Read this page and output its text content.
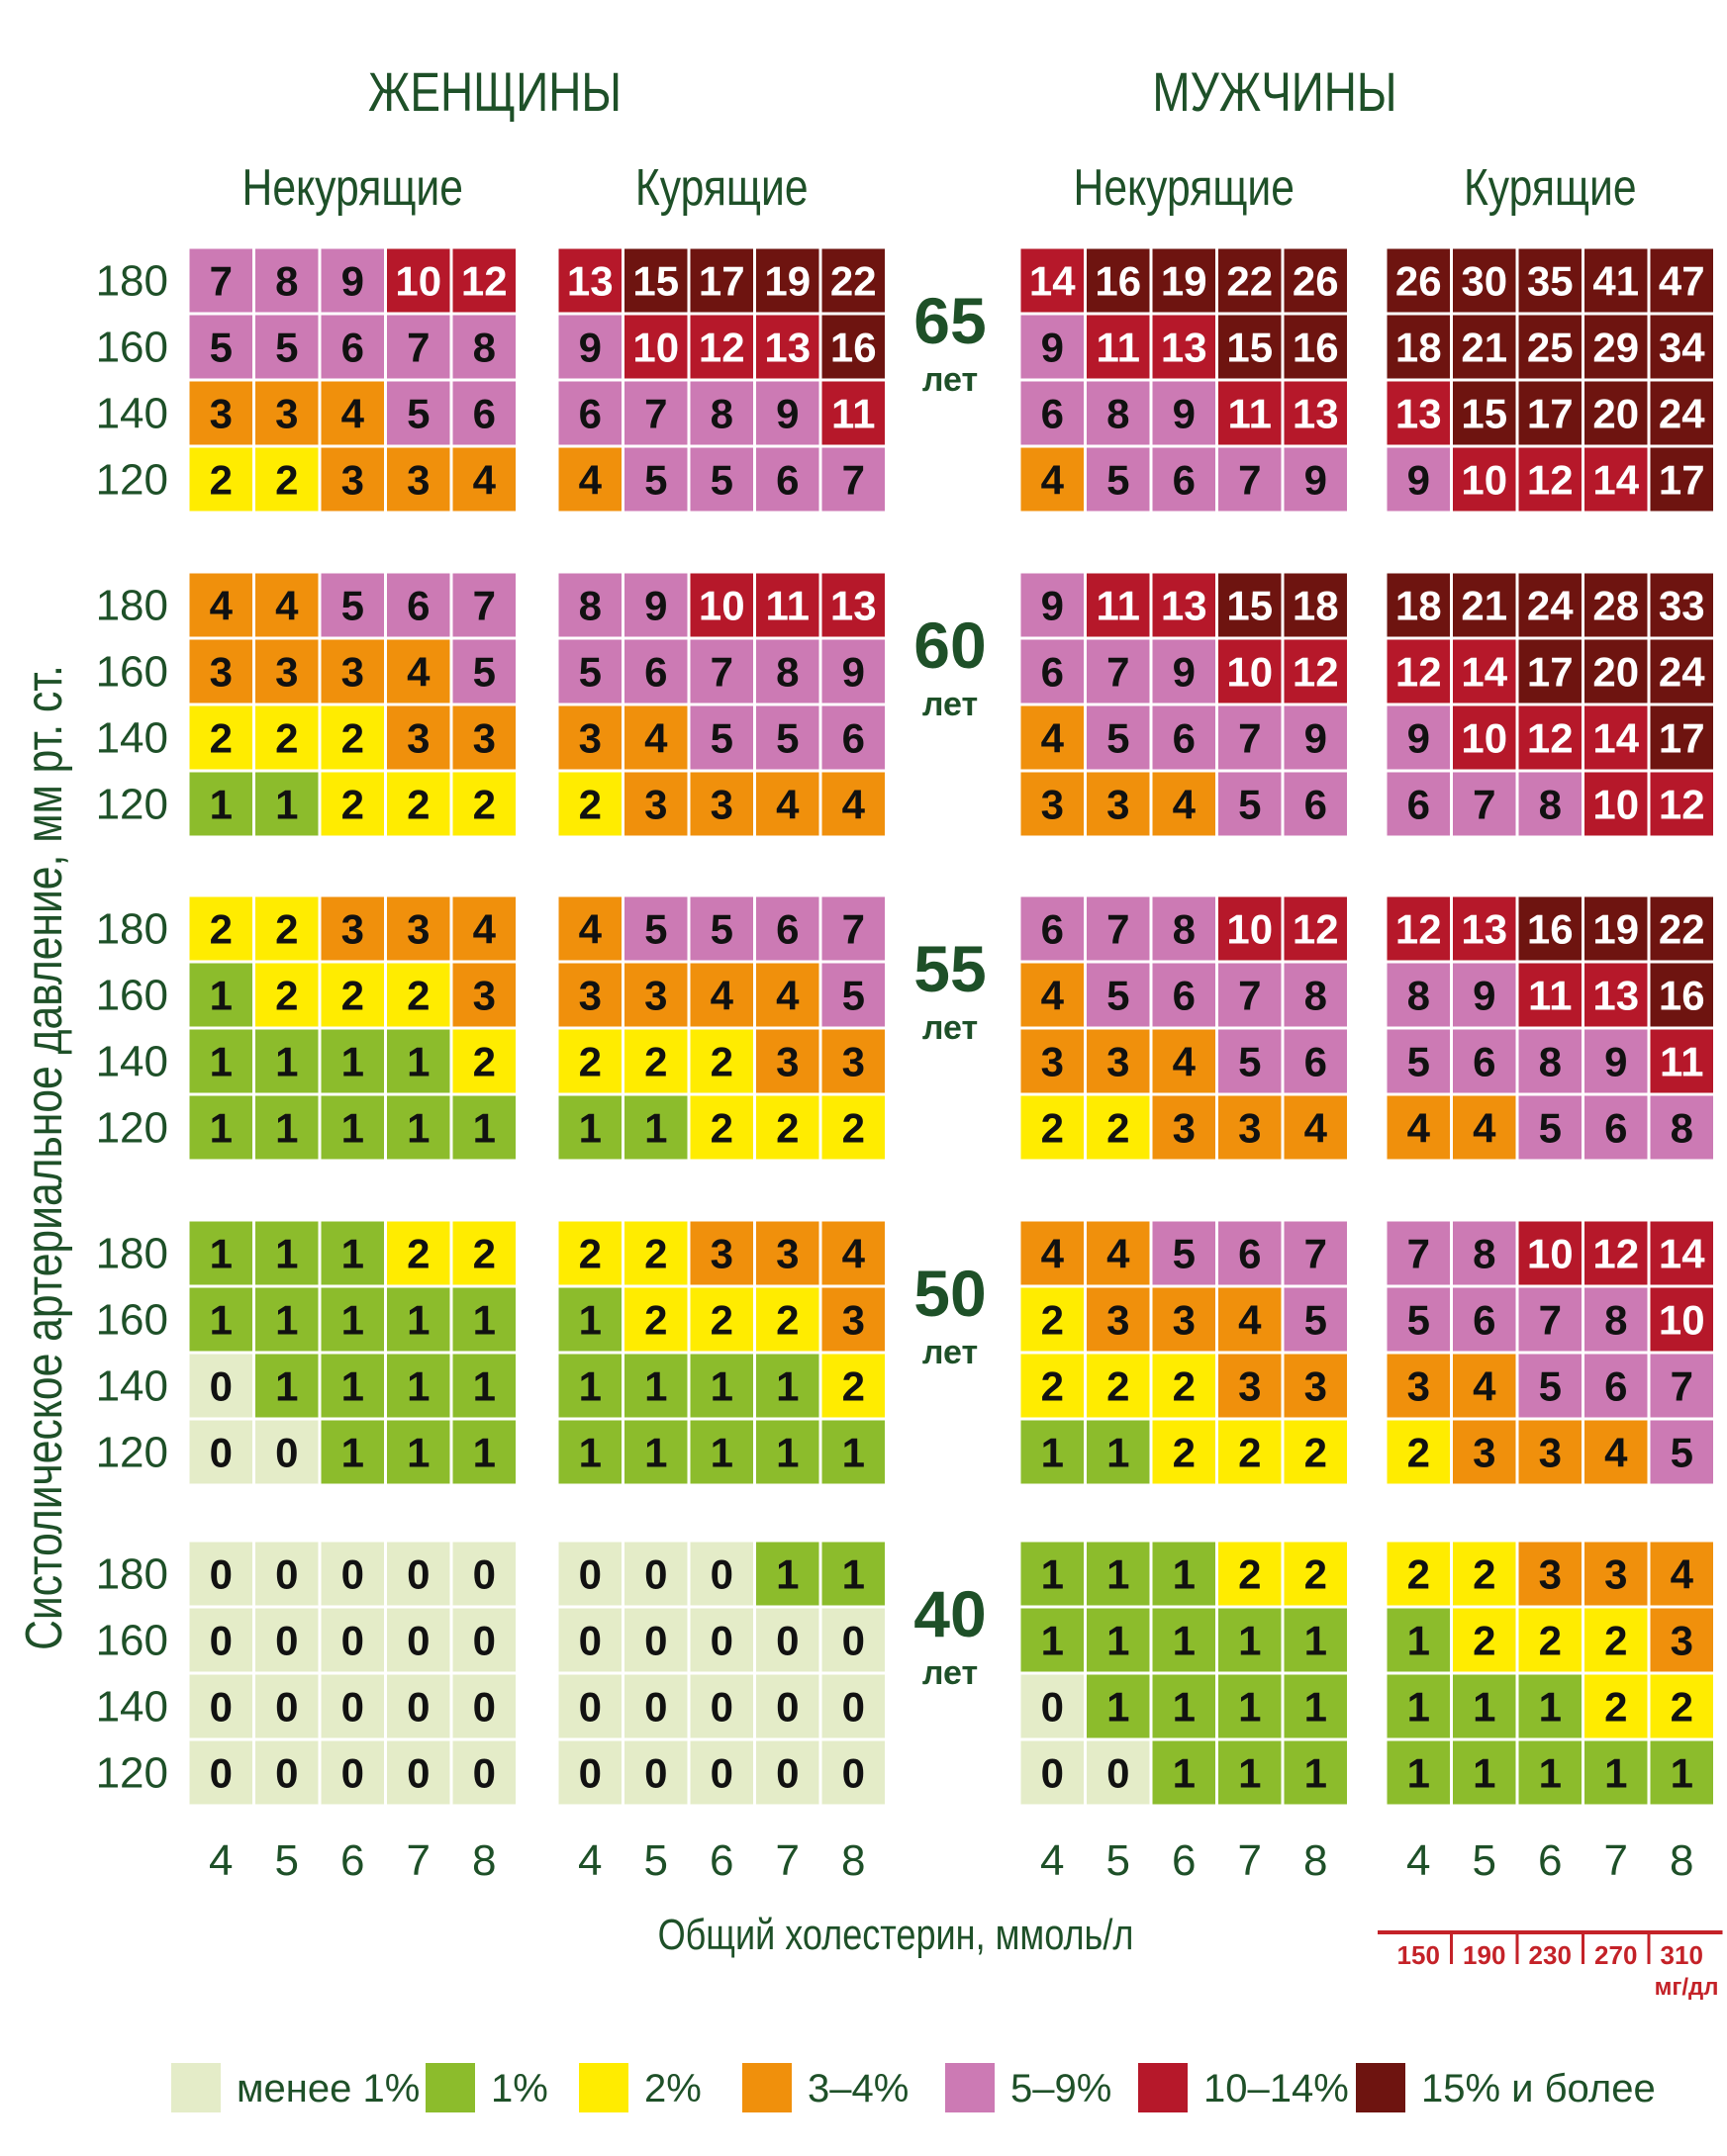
ЖЕНЩИНЫ	МУЖЧИНЫ
Некурящие	Курящие	Некурящие	Курящие
Систолическое артериальное давление, мм рт. ст.
180
160
140
120
65
лет
7 8 9 10 12
5 5 6 7 8
3 3 4 5 6
2 2 3 3 4
13 15 17 19 22
9 10 12 13 16
6 7 8 9 11
4 5 5 6 7
14 16 19 22 26
9 11 13 15 16
6 8 9 11 13
4 5 6 7 9
26 30 35 41 47
18 21 25 29 34
13 15 17 20 24
9 10 12 14 17
180
160
140
120
60
лет
4 4 5 6 7
3 3 3 4 5
2 2 2 3 3
1 1 2 2 2
8 9 10 11 13
5 6 7 8 9
3 4 5 5 6
2 3 3 4 4
9 11 13 15 18
6 7 9 10 12
4 5 6 7 9
3 3 4 5 6
18 21 24 28 33
12 14 17 20 24
9 10 12 14 17
6 7 8 10 12
180
160
140
120
55
лет
2 2 3 3 4
1 2 2 2 3
1 1 1 1 2
1 1 1 1 1
4 5 5 6 7
3 3 4 4 5
2 2 2 3 3
1 1 2 2 2
6 7 8 10 12
4 5 6 7 8
3 3 4 5 6
2 2 3 3 4
12 13 16 19 22
8 9 11 13 16
5 6 8 9 11
4 4 5 6 8
180
160
140
120
50
лет
1 1 1 2 2
1 1 1 1 1
0 1 1 1 1
0 0 1 1 1
2 2 3 3 4
1 2 2 2 3
1 1 1 1 2
1 1 1 1 1
4 4 5 6 7
2 3 3 4 5
2 2 2 3 3
1 1 2 2 2
7 8 10 12 14
5 6 7 8 10
3 4 5 6 7
2 3 3 4 5
180
160
140
120
40
лет
0 0 0 0 0
0 0 0 0 0
0 0 0 0 0
0 0 0 0 0
0 0 0 1 1
0 0 0 0 0
0 0 0 0 0
0 0 0 0 0
1 1 1 2 2
1 1 1 1 1
0 1 1 1 1
0 0 1 1 1
2 2 3 3 4
1 2 2 2 3
1 1 1 2 2
1 1 1 1 1
4 5 6 7 8 4 5 6 7 8	4 5 6 7 8 4 5 6 7 8
Общий холестерин, ммоль/л	150 190 230 270 310
мг/дл
менее 1% 1% 2%	3–4%	5–9% 10–14% 15% и более
